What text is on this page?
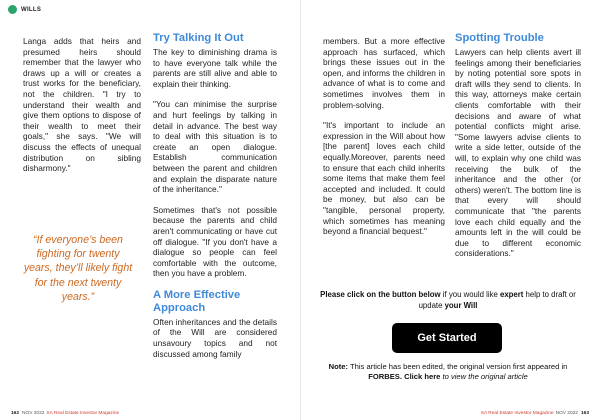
WILLS

Langa adds that heirs and presumed heirs should remember that the lawyer who draws up a will or creates a trust works for the beneficiary, not the children. "I try to understand their wealth and give them options to dispose of their wealth to meet their goals," she says. "We will discuss the effects of unequal distribution on sibling disharmony."

“If everyone’s been fighting for twenty years, they’ll likely fight for the next twenty years.”
Try Talking It Out

The key to diminishing drama is to have everyone talk while the parents are still alive and able to explain their thinking.

"You can minimise the surprise and hurt feelings by talking in detail in advance. The best way to deal with this situation is to create an open dialogue. Establish communication between the parent and children and explain the disparate nature of the inheritance."

Sometimes that's not possible because the parents and child aren't communicating or have cut off dialogue. "If you don't have a dialogue so people can feel comfortable with the outcome, then you have a problem.

A More Effective Approach

Often inheritances and the details of the Will are considered unsavoury topics and not discussed among family

162 NOV 2022 SA Real Estate Investor Magazine	SA Real Estate Investor Magazine NOV 2022 163

members. But a more effective approach has surfaced, which brings these issues out in the open, and informs the children in advance of what is to come and sometimes involves them in problem-solving.

"It's important to include an expression in the Will about how [the parent] loves each child equally.Moreover, parents need to ensure that each child inherits some items that make them feel accepted and included. It could be money, but also can be "tangible, personal property, which sometimes has meaning beyond a financial bequest."

Spotting Trouble

Lawyers can help clients avert ill feelings among their beneficiaries by noting potential sore spots in draft wills they send to clients. In this way, attorneys make certain clients comfortable with their decisions and aware of what potential conflicts might arise. "Some lawyers advise clients to write a side letter, outside of the will, to explain why one child was receiving the bulk of the inheritance and the other (or others) weren't. The bottom line is that every will should communicate that "the parents love each child equally and the amounts left in the will could be due to different economic considerations."

Please click on the button below if you would like expert help to draft or update your Will
Get Started
Note: This article has been edited, the original version first appeared in FORBES. Click here to view the original article
